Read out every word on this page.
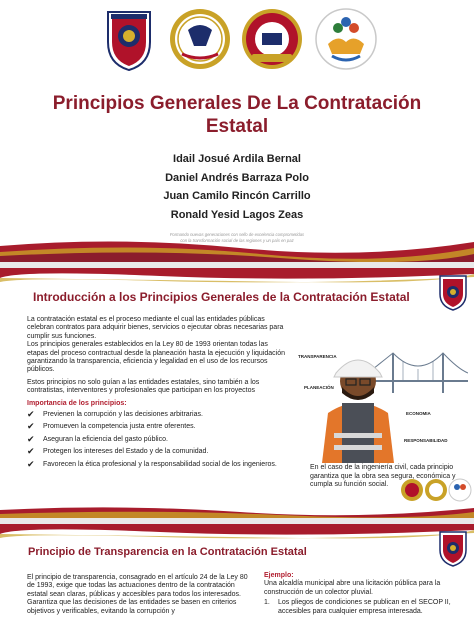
Principios Generales De La Contratación Estatal
Idail Josué Ardila Bernal
Daniel Andrés Barraza Polo
Juan Camilo Rincón Carrillo
Ronald Yesid Lagos Zeas
Formando nuevas generaciones con sello de excelencia comprometidas
con la transformación social de las regiones y un país en paz
Introducción a los Principios Generales de la Contratación Estatal

La contratación estatal es el proceso mediante el cual las entidades públicas celebran contratos para adquirir bienes, servicios o ejecutar obras necesarias para cumplir sus funciones.

Los principios generales establecidos en la Ley 80 de 1993 orientan todas las etapas del proceso contractual desde la planeación hasta la ejecución y liquidación garantizando la transparencia, eficiencia y legalidad en el uso de los recursos públicos.

Estos principios no solo guían a las entidades estatales, sino también a los contratistas, interventores y profesionales que participan en los proyectos

Importancia de los principios:
✔ Previenen la corrupción y las decisiones arbitrarias.
✔ Promueven la competencia justa entre oferentes.
✔ Aseguran la eficiencia del gasto público.
✔ Protegen los intereses del Estado y de la comunidad.
✔ Favorecen la ética profesional y la responsabilidad social de los ingenieros.
TRANSPARENCIA
PLANEACIÓN
ECONOMIA
RESPONSABILIDAD
En el caso de la ingeniería civil, cada principio garantiza que la obra sea segura, económica y cumpla su función social.
Principio de Transparencia en la Contratación Estatal

El principio de transparencia, consagrado en el artículo 24 de la Ley 80 de 1993, exige que todas las actuaciones dentro de la contratación estatal sean claras, públicas y accesibles para todos los interesados.

Garantiza que las decisiones de las entidades se basen en criterios objetivos y verificables, evitando la corrupción y

Ejemplo:
Una alcaldía municipal abre una licitación pública para la construcción de un colector pluvial.
1. Los pliegos de condiciones se publican en el SECOP II, accesibles para cualquier empresa interesada.
